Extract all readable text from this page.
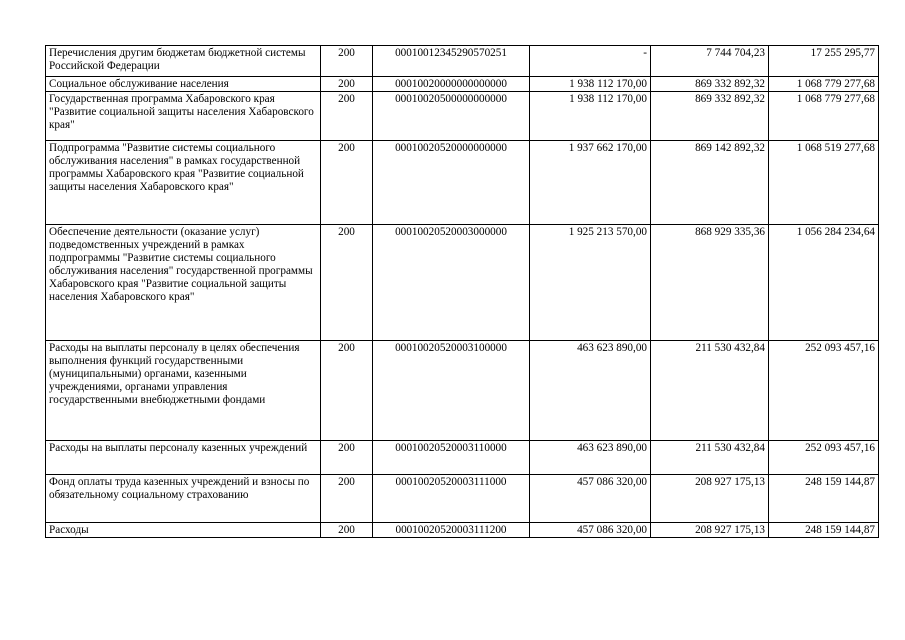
Перечисления другим бюджетам бюджетной системы Российской Федерации	200	00010012345290570251	-	7 744 704,23	17 255 295,77
Социальное обслуживание населения	200	00010020000000000000	1 938 112 170,00	869 332 892,32	1 068 779 277,68
Государственная программа Хабаровского края "Развитие социальной защиты населения Хабаровского края"	200	00010020500000000000	1 938 112 170,00	869 332 892,32	1 068 779 277,68
Подпрограмма "Развитие системы социального обслуживания населения" в рамках государственной программы Хабаровского края "Развитие социальной защиты населения Хабаровского края"	200	00010020520000000000	1 937 662 170,00	869 142 892,32	1 068 519 277,68
Обеспечение деятельности (оказание услуг) подведомственных учреждений в рамках подпрограммы "Развитие системы социального обслуживания населения" государственной программы Хабаровского края "Развитие социальной защиты населения Хабаровского края"	200	00010020520003000000	1 925 213 570,00	868 929 335,36	1 056 284 234,64
Расходы на выплаты персоналу в целях обеспечения выполнения функций государственными (муниципальными) органами, казенными учреждениями, органами управления государственными внебюджетными фондами	200	00010020520003100000	463 623 890,00	211 530 432,84	252 093 457,16
Расходы на выплаты персоналу казенных учреждений	200	00010020520003110000	463 623 890,00	211 530 432,84	252 093 457,16
Фонд оплаты труда казенных учреждений и взносы по обязательному социальному страхованию	200	00010020520003111000	457 086 320,00	208 927 175,13	248 159 144,87
Расходы	200	00010020520003111200	457 086 320,00	208 927 175,13	248 159 144,87
